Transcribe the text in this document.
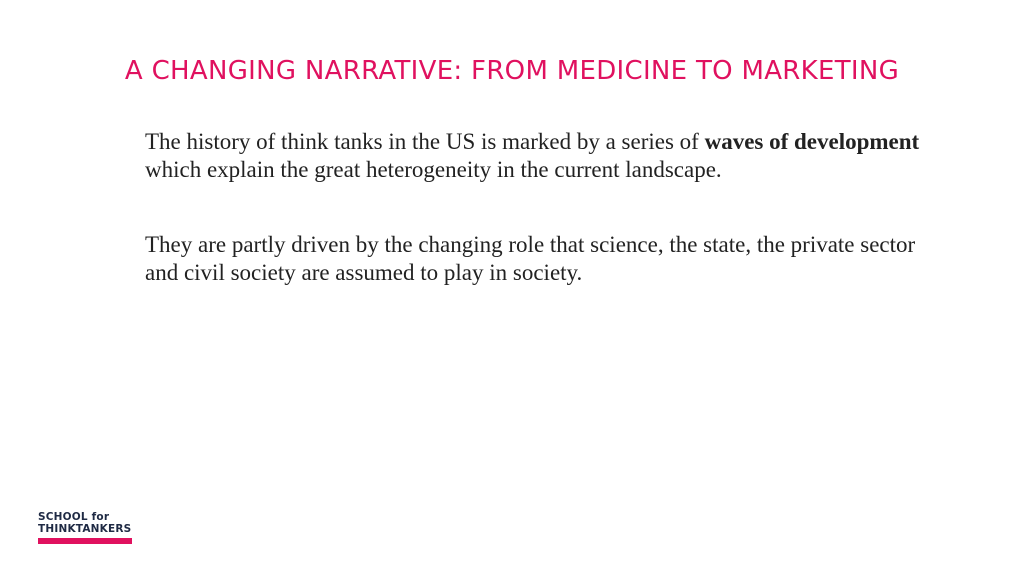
A CHANGING NARRATIVE: FROM MEDICINE TO MARKETING

The history of think tanks in the US is marked by a series of waves of development which explain the great heterogeneity in the current landscape.

They are partly driven by the changing role that science, the state, the private sector and civil society are assumed to play in society.

SCHOOL for
THINKTANKERS
